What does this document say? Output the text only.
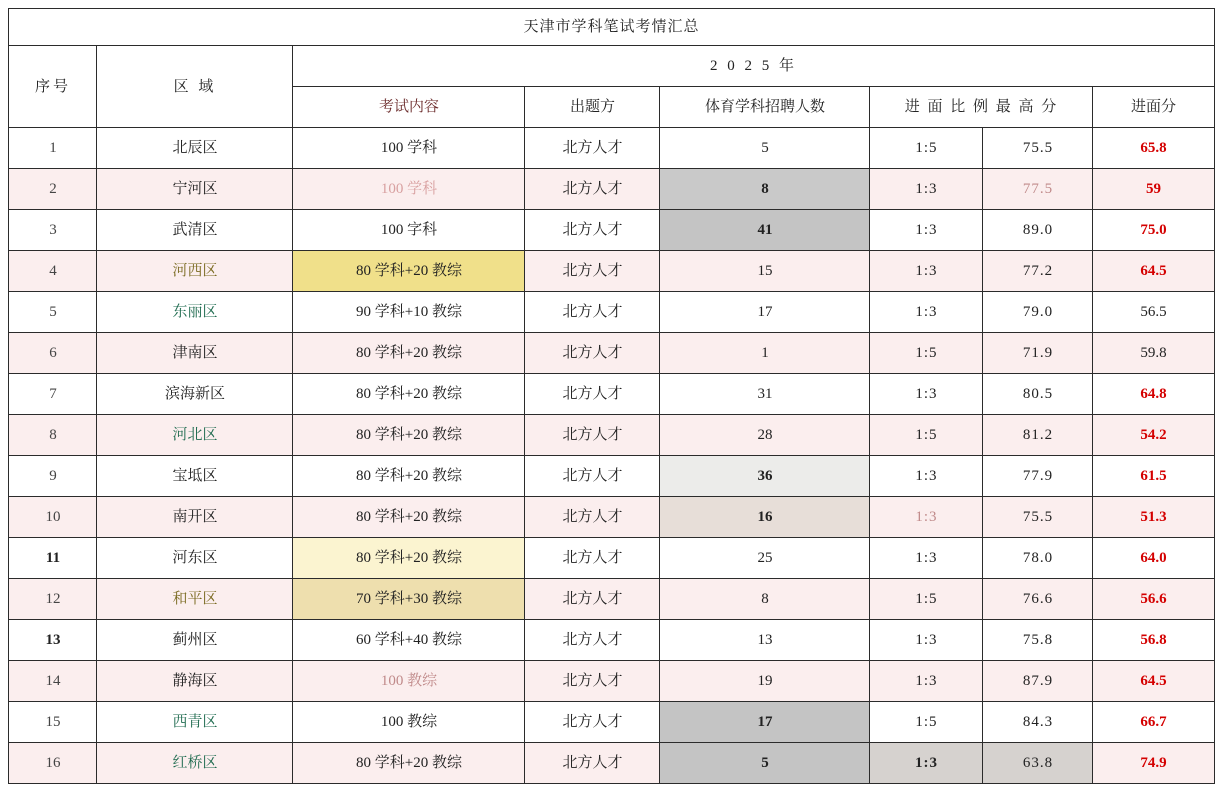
天津市学科笔试考情汇总							
序号	区 域	2 0 2 5 年					
		考试内容	出题方	体育学科招聘人数	进 面 比 例 最 高 分		进面分
1	北辰区	100 学科	北方人才	5	1:5	75.5	65.8
2	宁河区	100 学科	北方人才	8	1:3	77.5	59
3	武清区	100 字科	北方人才	41	1:3	89.0	75.0
4	河西区	80 学科+20 教综	北方人才	15	1:3	77.2	64.5
5	东丽区	90 学科+10 教综	北方人才	17	1:3	79.0	56.5
6	津南区	80 学科+20 教综	北方人才	1	1:5	71.9	59.8
7	滨海新区	80 学科+20 教综	北方人才	31	1:3	80.5	64.8
8	河北区	80 学科+20 教综	北方人才	28	1:5	81.2	54.2
9	宝坻区	80 学科+20 教综	北方人才	36	1:3	77.9	61.5
10	南开区	80 学科+20 教综	北方人才	16	1:3	75.5	51.3
11	河东区	80 学科+20 教综	北方人才	25	1:3	78.0	64.0
12	和平区	70 学科+30 教综	北方人才	8	1:5	76.6	56.6
13	蓟州区	60 学科+40 教综	北方人才	13	1:3	75.8	56.8
14	静海区	100 教综	北方人才	19	1:3	87.9	64.5
15	西青区	100 教综	北方人才	17	1:5	84.3	66.7
16	红桥区	80 学科+20 教综	北方人才	5	1:3	63.8	74.9
